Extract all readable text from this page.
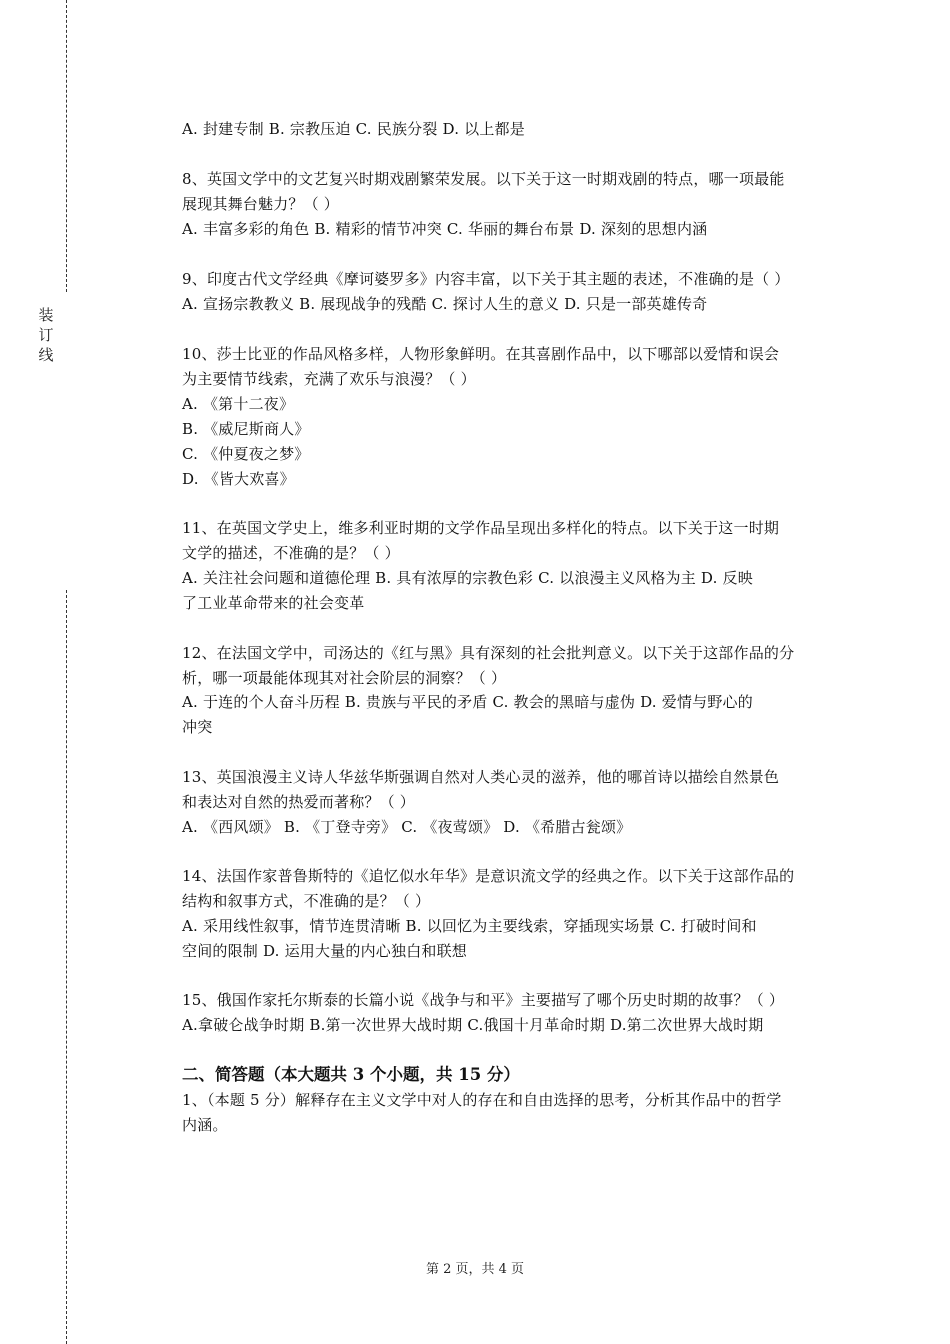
装
订
线
A. 封建专制 B. 宗教压迫 C. 民族分裂 D. 以上都是
8、英国文学中的文艺复兴时期戏剧繁荣发展。以下关于这一时期戏剧的特点，哪一项最能
展现其舞台魅力？（ ）
A. 丰富多彩的角色 B. 精彩的情节冲突 C. 华丽的舞台布景 D. 深刻的思想内涵
9、印度古代文学经典《摩诃婆罗多》内容丰富，以下关于其主题的表述，不准确的是（ ）
A. 宣扬宗教教义 B. 展现战争的残酷 C. 探讨人生的意义 D. 只是一部英雄传奇
10、莎士比亚的作品风格多样，人物形象鲜明。在其喜剧作品中，以下哪部以爱情和误会
为主要情节线索，充满了欢乐与浪漫？（ ）
A. 《第十二夜》
B. 《威尼斯商人》
C. 《仲夏夜之梦》
D. 《皆大欢喜》
11、在英国文学史上，维多利亚时期的文学作品呈现出多样化的特点。以下关于这一时期
文学的描述，不准确的是？（ ）
A. 关注社会问题和道德伦理 B. 具有浓厚的宗教色彩 C. 以浪漫主义风格为主 D. 反映
了工业革命带来的社会变革
12、在法国文学中，司汤达的《红与黑》具有深刻的社会批判意义。以下关于这部作品的分
析，哪一项最能体现其对社会阶层的洞察？（ ）
A. 于连的个人奋斗历程 B. 贵族与平民的矛盾 C. 教会的黑暗与虚伪 D. 爱情与野心的
冲突
13、英国浪漫主义诗人华兹华斯强调自然对人类心灵的滋养，他的哪首诗以描绘自然景色
和表达对自然的热爱而著称？（ ）
A. 《西风颂》 B. 《丁登寺旁》 C. 《夜莺颂》 D. 《希腊古瓮颂》
14、法国作家普鲁斯特的《追忆似水年华》是意识流文学的经典之作。以下关于这部作品的
结构和叙事方式，不准确的是？（ ）
A. 采用线性叙事，情节连贯清晰 B. 以回忆为主要线索，穿插现实场景 C. 打破时间和
空间的限制 D. 运用大量的内心独白和联想
15、俄国作家托尔斯泰的长篇小说《战争与和平》主要描写了哪个历史时期的故事？（ ）
A.拿破仑战争时期 B.第一次世界大战时期 C.俄国十月革命时期 D.第二次世界大战时期
二、简答题（本大题共 3 个小题，共 15 分）
1、（本题 5 分）解释存在主义文学中对人的存在和自由选择的思考，分析其作品中的哲学
内涵。
第 2 页，共 4 页
